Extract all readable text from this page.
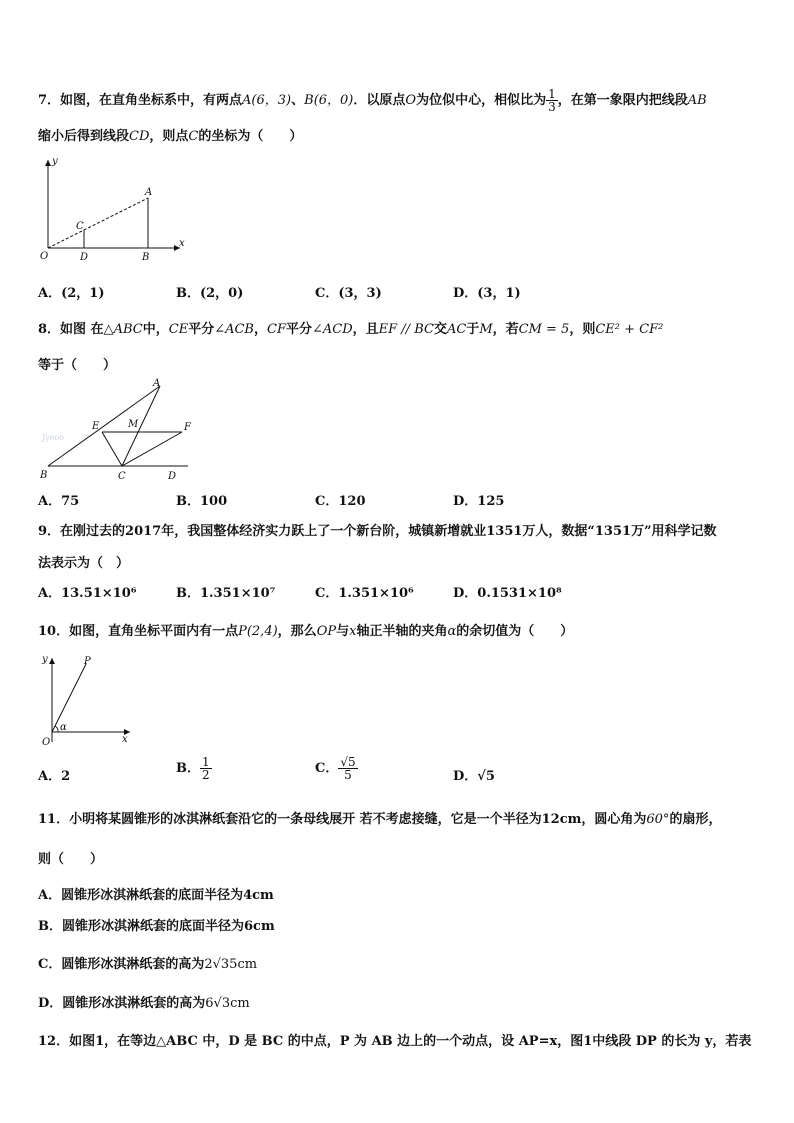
7．如图，在直角坐标系中，有两点A(6，3)、B(6，0)．以原点O为位似中心，相似比为 $\frac{1}{3}$ ，在第一象限内把线段AB
缩小后得到线段CD，则点C的坐标为（　　）
y
x
O
A
B
C
D
A．(2，1)	B．(2，0)	C．(3，3)	D．(3，1)
8．如图 在△ABC中，CE平分∠ACB，CF平分∠ACD，且EF // BC交AC于M，若CM = 5，则CE² + CF²
等于（　　）
Jyeoo
A
B	C	D
E	F
M
A．75	B．100	C．120	D．125
9．在刚过去的2017年，我国整体经济实力跃上了一个新台阶，城镇新增就业1351万人，数据“1351万”用科学记数
法表示为（　）
A．13.51×10⁶	B．1.351×10⁷	C．1.351×10⁶	D．0.1531×10⁸
10．如图，直角坐标平面内有一点P(2,4)，那么OP与x轴正半轴的夹角α的余切值为（　　）
y
x
O
P
α
A．2
B． $\frac{1}{2}$	C． $\frac{√5}{5}$	D．√5
11．小明将某圆锥形的冰淇淋纸套沿它的一条母线展开 若不考虑接缝，它是一个半径为12cm，圆心角为60°的扇形，
则（　　）
A．圆锥形冰淇淋纸套的底面半径为4cm
B．圆锥形冰淇淋纸套的底面半径为6cm
C．圆锥形冰淇淋纸套的高为2√35cm
D．圆锥形冰淇淋纸套的高为6√3cm
12．如图1，在等边△ABC 中，D 是 BC 的中点，P 为 AB 边上的一个动点，设 AP=x，图1中线段 DP 的长为 y，若表
